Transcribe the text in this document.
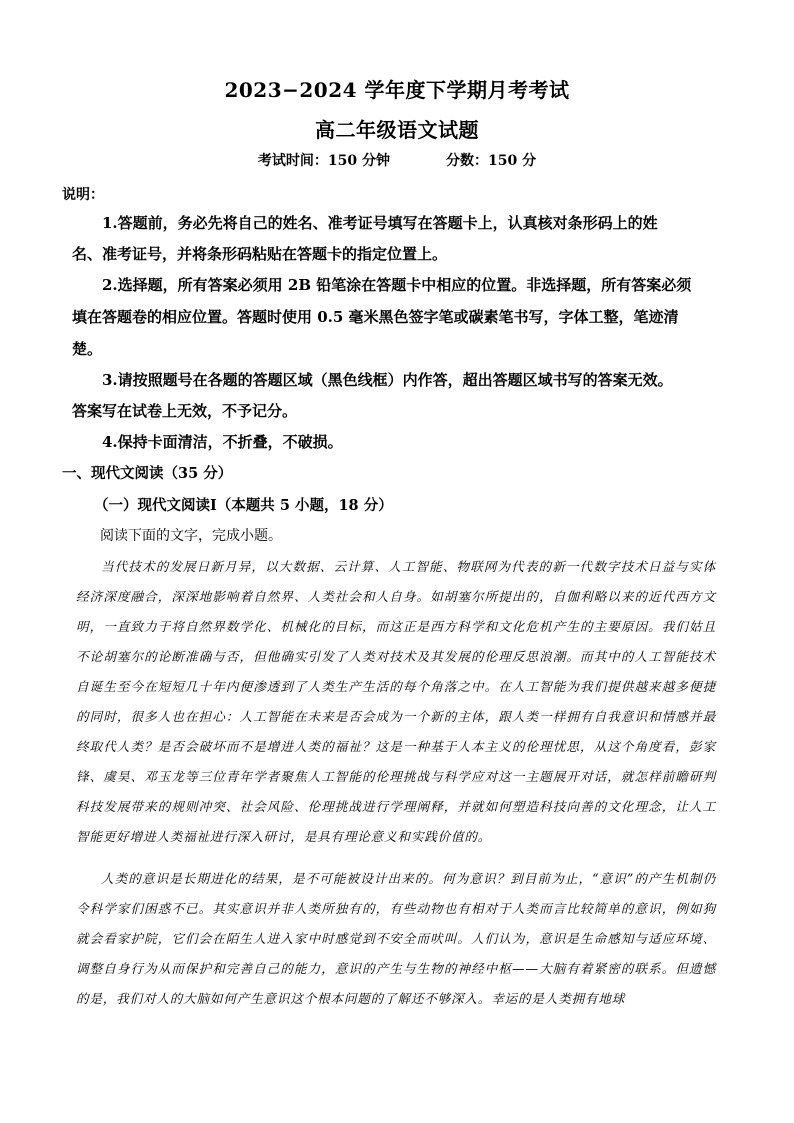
2023−2024 学年度下学期月考考试
高二年级语文试题
考试时间：150 分钟	分数：150 分
说明：
1.答题前，务必先将自己的姓名、准考证号填写在答题卡上，认真核对条形码上的姓
名、准考证号，并将条形码粘贴在答题卡的指定位置上。
2.选择题，所有答案必须用 2B 铅笔涂在答题卡中相应的位置。非选择题，所有答案必须
填在答题卷的相应位置。答题时使用 0.5 毫米黑色签字笔或碳素笔书写，字体工整，笔迹清
楚。
3.请按照题号在各题的答题区域（黑色线框）内作答，超出答题区域书写的答案无效。
答案写在试卷上无效，不予记分。
4.保持卡面清洁，不折叠，不破损。
一、现代文阅读（35 分）
（一）现代文阅读Ⅰ（本题共 5 小题，18 分）
阅读下面的文字，完成小题。
当代技术的发展日新月异，以大数据、云计算、人工智能、物联网为代表的新一代数字技术日益与实体经济深度融合，深深地影响着自然界、人类社会和人自身。如胡塞尔所提出的，自伽利略以来的近代西方文明，一直致力于将自然界数学化、机械化的目标，而这正是西方科学和文化危机产生的主要原因。我们姑且不论胡塞尔的论断准确与否，但他确实引发了人类对技术及其发展的伦理反思浪潮。而其中的人工智能技术自诞生至今在短短几十年内便渗透到了人类生产生活的每个角落之中。在人工智能为我们提供越来越多便捷的同时，很多人也在担心：人工智能在未来是否会成为一个新的主体，跟人类一样拥有自我意识和情感并最终取代人类？是否会破坏而不是增进人类的福祉？这是一种基于人本主义的伦理忧思，从这个角度看，彭家锋、虞昊、邓玉龙等三位青年学者聚焦人工智能的伦理挑战与科学应对这一主题展开对话，就怎样前瞻研判科技发展带来的规则冲突、社会风险、伦理挑战进行学理阐释，并就如何塑造科技向善的文化理念，让人工智能更好增进人类福祉进行深入研讨，是具有理论意义和实践价值的。
人类的意识是长期进化的结果，是不可能被设计出来的。何为意识？到目前为止，“意识”的产生机制仍令科学家们困惑不已。其实意识并非人类所独有的，有些动物也有相对于人类而言比较简单的意识，例如狗就会看家护院，它们会在陌生人进入家中时感觉到不安全而吠叫。人们认为，意识是生命感知与适应环境、调整自身行为从而保护和完善自己的能力，意识的产生与生物的神经中枢——大脑有着紧密的联系。但遗憾的是，我们对人的大脑如何产生意识这个根本问题的了解还不够深入。幸运的是人类拥有地球
